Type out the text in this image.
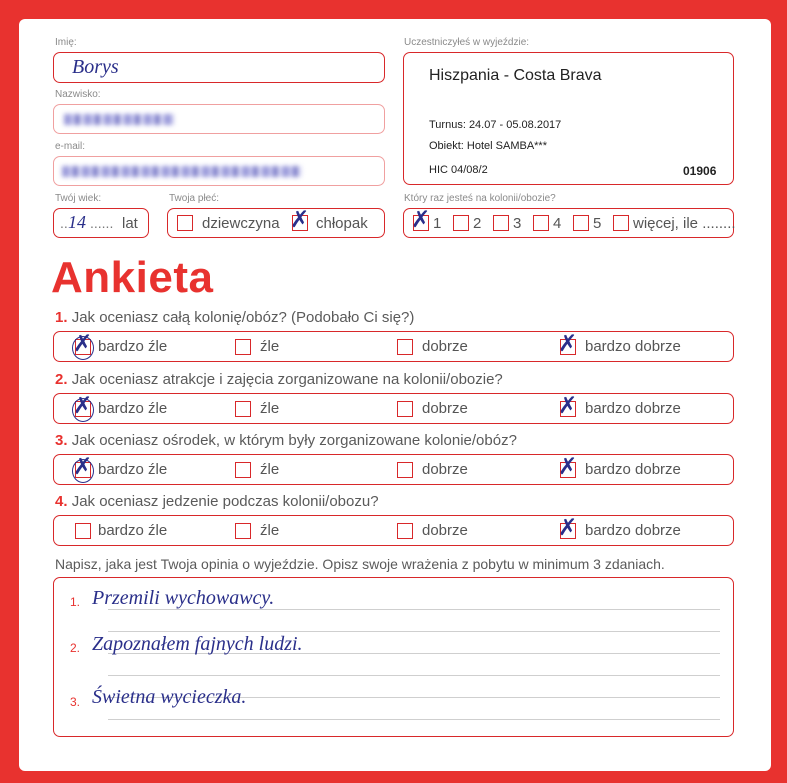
Imię:
Borys
Nazwisko:
e-mail:
Twój wiek:
.. 14 ...... lat
Twoja płeć:
dziewczyna ✗ chłopak
Uczestniczyłeś w wyjeździe:
Hiszpania - Costa Brava
Turnus: 24.07 - 05.08.2017
Obiekt: Hotel SAMBA***
HIC 04/08/2	01906
Który raz jesteś na kolonii/obozie?
✗ 1 2 3 4 5 więcej, ile ........
Ankieta
1. Jak oceniasz całą kolonię/obóz? (Podobało Ci się?)
✗ bardzo źle	źle	dobrze	✗ bardzo dobrze
2. Jak oceniasz atrakcje i zajęcia zorganizowane na kolonii/obozie?
✗ bardzo źle	źle	dobrze	✗ bardzo dobrze
3. Jak oceniasz ośrodek, w którym były zorganizowane kolonie/obóz?
✗ bardzo źle	źle	dobrze	✗ bardzo dobrze
4. Jak oceniasz jedzenie podczas kolonii/obozu?
bardzo źle	źle	dobrze	✗ bardzo dobrze
Napisz, jaka jest Twoja opinia o wyjeździe. Opisz swoje wrażenia z pobytu w minimum 3 zdaniach.
1. Przemili wychowawcy.
2. Zapoznałem fajnych ludzi.
3. Świetna wycieczka.
